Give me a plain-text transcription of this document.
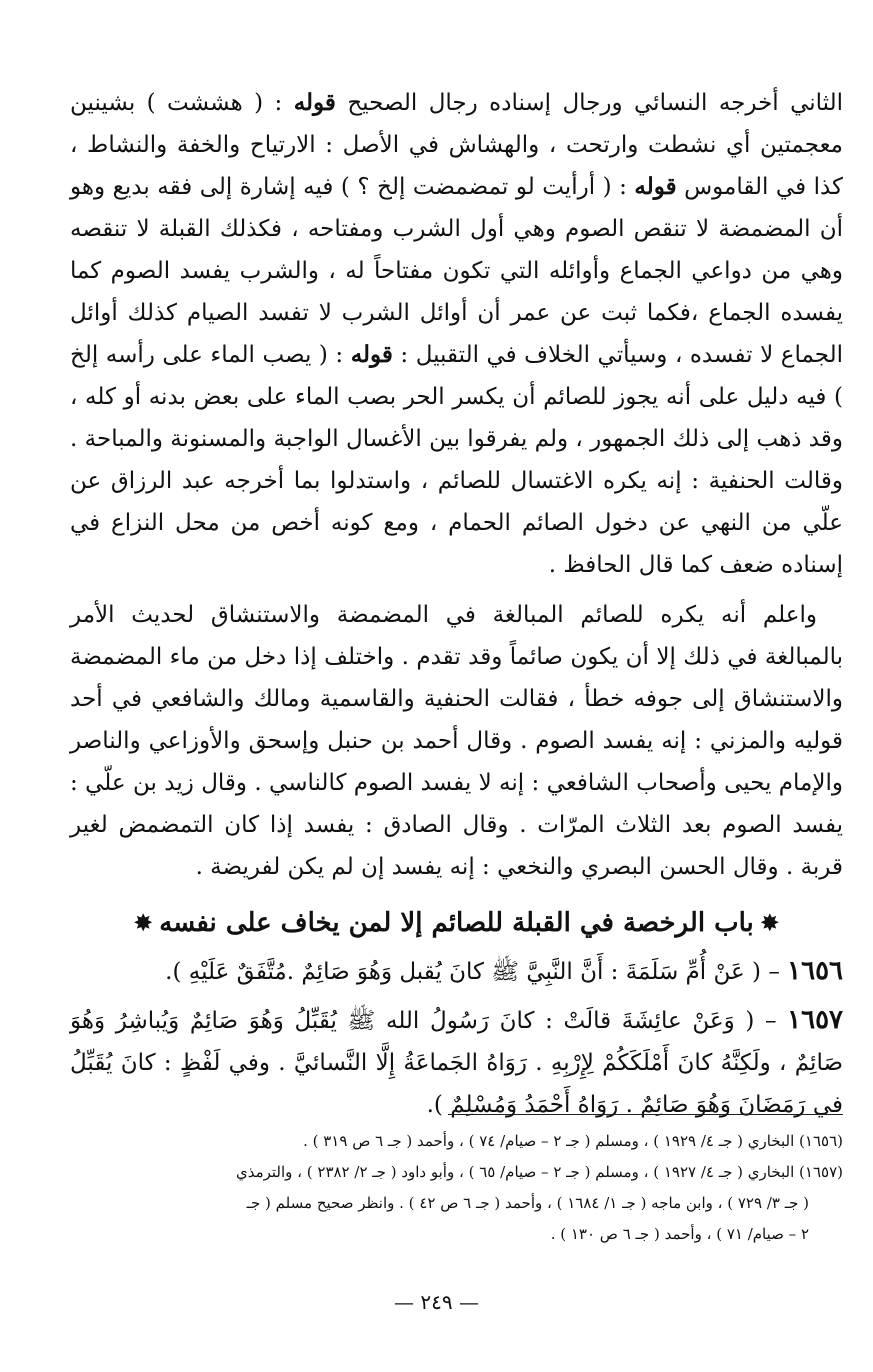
الثاني أخرجه النسائي ورجال إسناده رجال الصحيح قوله : ( هششت ) بشينين معجمتين أي نشطت وارتحت ، والهشاش في الأصل : الارتياح والخفة والنشاط ، كذا في القاموس قوله : ( أرأيت لو تمضمضت إلخ ؟ ) فيه إشارة إلى فقه بديع وهو أن المضمضة لا تنقص الصوم وهي أول الشرب ومفتاحه ، فكذلك القبلة لا تنقصه وهي من دواعي الجماع وأوائله التي تكون مفتاحاً له ، والشرب يفسد الصوم كما يفسده الجماع ،فكما ثبت عن عمر أن أوائل الشرب لا تفسد الصيام كذلك أوائل الجماع لا تفسده ، وسيأتي الخلاف في التقبيل : قوله : ( يصب الماء على رأسه إلخ ) فيه دليل على أنه يجوز للصائم أن يكسر الحر بصب الماء على بعض بدنه أو كله ، وقد ذهب إلى ذلك الجمهور ، ولم يفرقوا بين الأغسال الواجبة والمسنونة والمباحة . وقالت الحنفية : إنه يكره الاغتسال للصائم ، واستدلوا بما أخرجه عبد الرزاق عن علّي من النهي عن دخول الصائم الحمام ، ومع كونه أخص من محل النزاع في إسناده ضعف كما قال الحافظ .

واعلم أنه يكره للصائم المبالغة في المضمضة والاستنشاق لحديث الأمر بالمبالغة في ذلك إلا أن يكون صائماً وقد تقدم . واختلف إذا دخل من ماء المضمضة والاستنشاق إلى جوفه خطأ ، فقالت الحنفية والقاسمية ومالك والشافعي في أحد قوليه والمزني : إنه يفسد الصوم . وقال أحمد بن حنبل وإسحق والأوزاعي والناصر والإمام يحيى وأصحاب الشافعي : إنه لا يفسد الصوم كالناسي . وقال زيد بن علّي : يفسد الصوم بعد الثلاث المرّات . وقال الصادق : يفسد إذا كان التمضمض لغير قربة . وقال الحسن البصري والنخعي : إنه يفسد إن لم يكن لفريضة .

✸باب الرخصة في القبلة للصائم إلا لمن يخاف على نفسه✸

١٦٥٦ – ( عَنْ أُمِّ سَلَمَةَ : أَنَّ النَّبِيَّ ﷺ كانَ يُقبل وَهُوَ صَائِمٌ .مُتَّفَقٌ عَلَيْهِ ).

١٦٥٧ – ( وَعَنْ عائِشَةَ قالَتْ : كانَ رَسُولُ الله ﷺ يُقَبِّلُ وَهُوَ صَائِمٌ وَيُباشِرُ وَهُوَ صَائِمٌ ، ولَكِنَّهُ كانَ أَمْلَكَكُمْ لِإِرْبِهِ . رَوَاهُ الجَماعَةُ إِلَّا النَّسائيَّ . وفي لَفْظٍ : كانَ يُقَبِّلُ في رَمَضَانَ وَهُوَ صَائِمٌ . رَوَاهُ أَحْمَدُ وَمُسْلِمٌ ).

(١٦٥٦) البخاري ( جـ ٤/ ١٩٢٩ ) ، ومسلم ( جـ ٢ – صيام/ ٧٤ ) ، وأحمد ( جـ ٦ ص ٣١٩ ) .

(١٦٥٧) البخاري ( جـ ٤/ ١٩٢٧ ) ، ومسلم ( جـ ٢ – صيام/ ٦٥ ) ، وأبو داود ( جـ ٢/ ٢٣٨٢ ) ، والترمذي

( جـ ٣/ ٧٢٩ ) ، وابن ماجه ( جـ ١/ ١٦٨٤ ) ، وأحمد ( جـ ٦ ص ٤٢ ) . وانظر صحيح مسلم ( جـ

٢ – صيام/ ٧١ ) ، وأحمد ( جـ ٦ ص ١٣٠ ) .

— ٢٤٩ —
